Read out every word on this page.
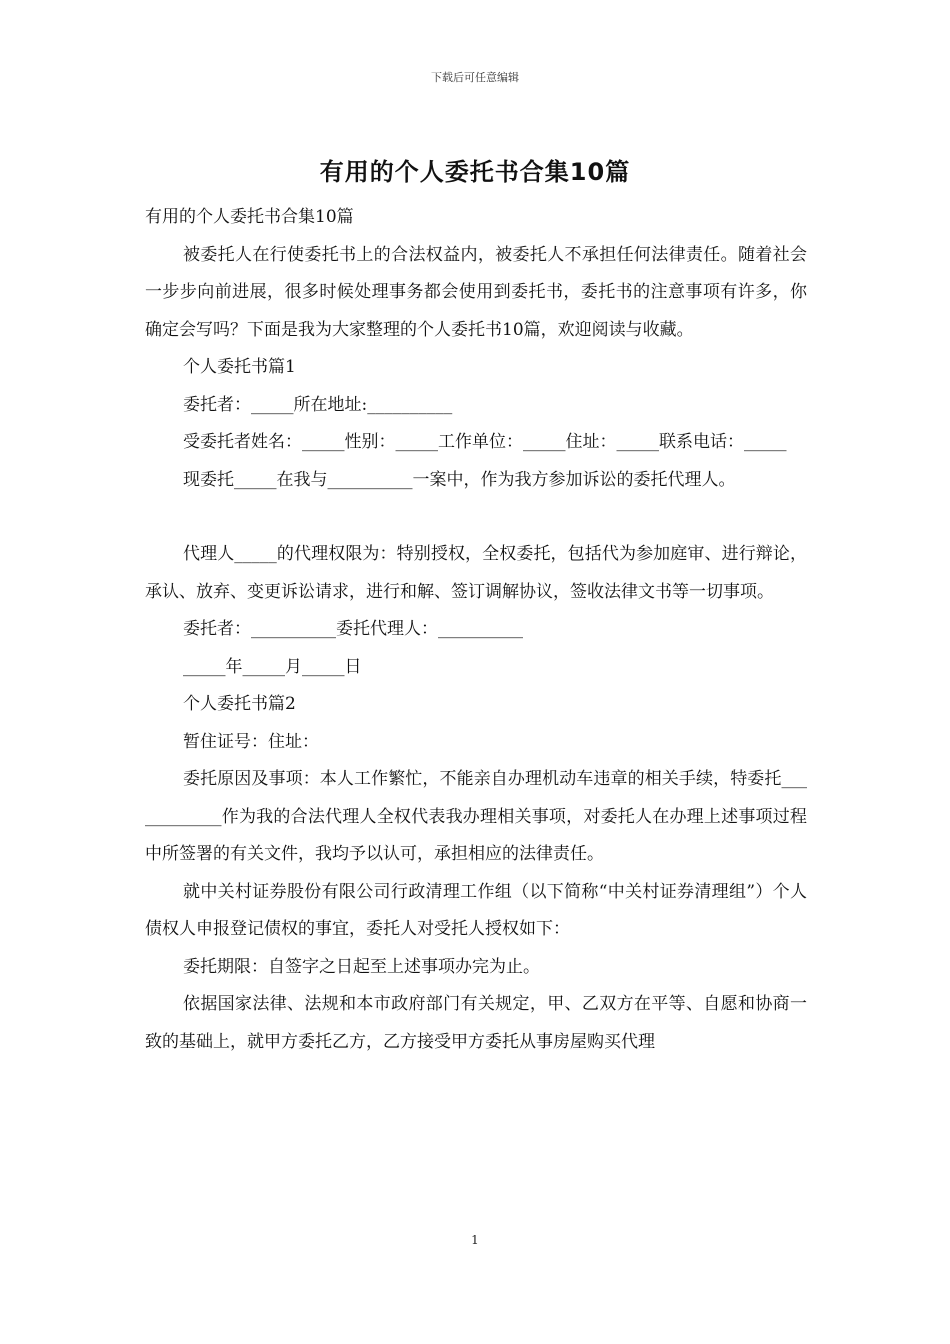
下载后可任意编辑
有用的个人委托书合集10篇

有用的个人委托书合集10篇

被委托人在行使委托书上的合法权益内，被委托人不承担任何法律责任。随着社会一步步向前进展，很多时候处理事务都会使用到委托书，委托书的注意事项有许多，你确定会写吗？下面是我为大家整理的个人委托书10篇，欢迎阅读与收藏。

个人委托书篇1

委托者：_____所在地址:__________

受委托者姓名：_____性别：_____工作单位：_____住址：_____联系电话：_____

现委托_____在我与__________一案中，作为我方参加诉讼的委托代理人。

代理人_____的代理权限为：特别授权，全权委托，包括代为参加庭审、进行辩论，承认、放弃、变更诉讼请求，进行和解、签订调解协议，签收法律文书等一切事项。

委托者：__________委托代理人：__________

_____年_____月_____日

个人委托书篇2

暂住证号：住址：

委托原因及事项：本人工作繁忙，不能亲自办理机动车违章的相关手续，特委托____________作为我的合法代理人全权代表我办理相关事项，对委托人在办理上述事项过程中所签署的有关文件，我均予以认可，承担相应的法律责任。

就中关村证券股份有限公司行政清理工作组（以下简称“中关村证券清理组”）个人债权人申报登记债权的事宜，委托人对受托人授权如下：

委托期限：自签字之日起至上述事项办完为止。

依据国家法律、法规和本市政府部门有关规定，甲、乙双方在平等、自愿和协商一致的基础上，就甲方委托乙方，乙方接受甲方委托从事房屋购买代理

1
